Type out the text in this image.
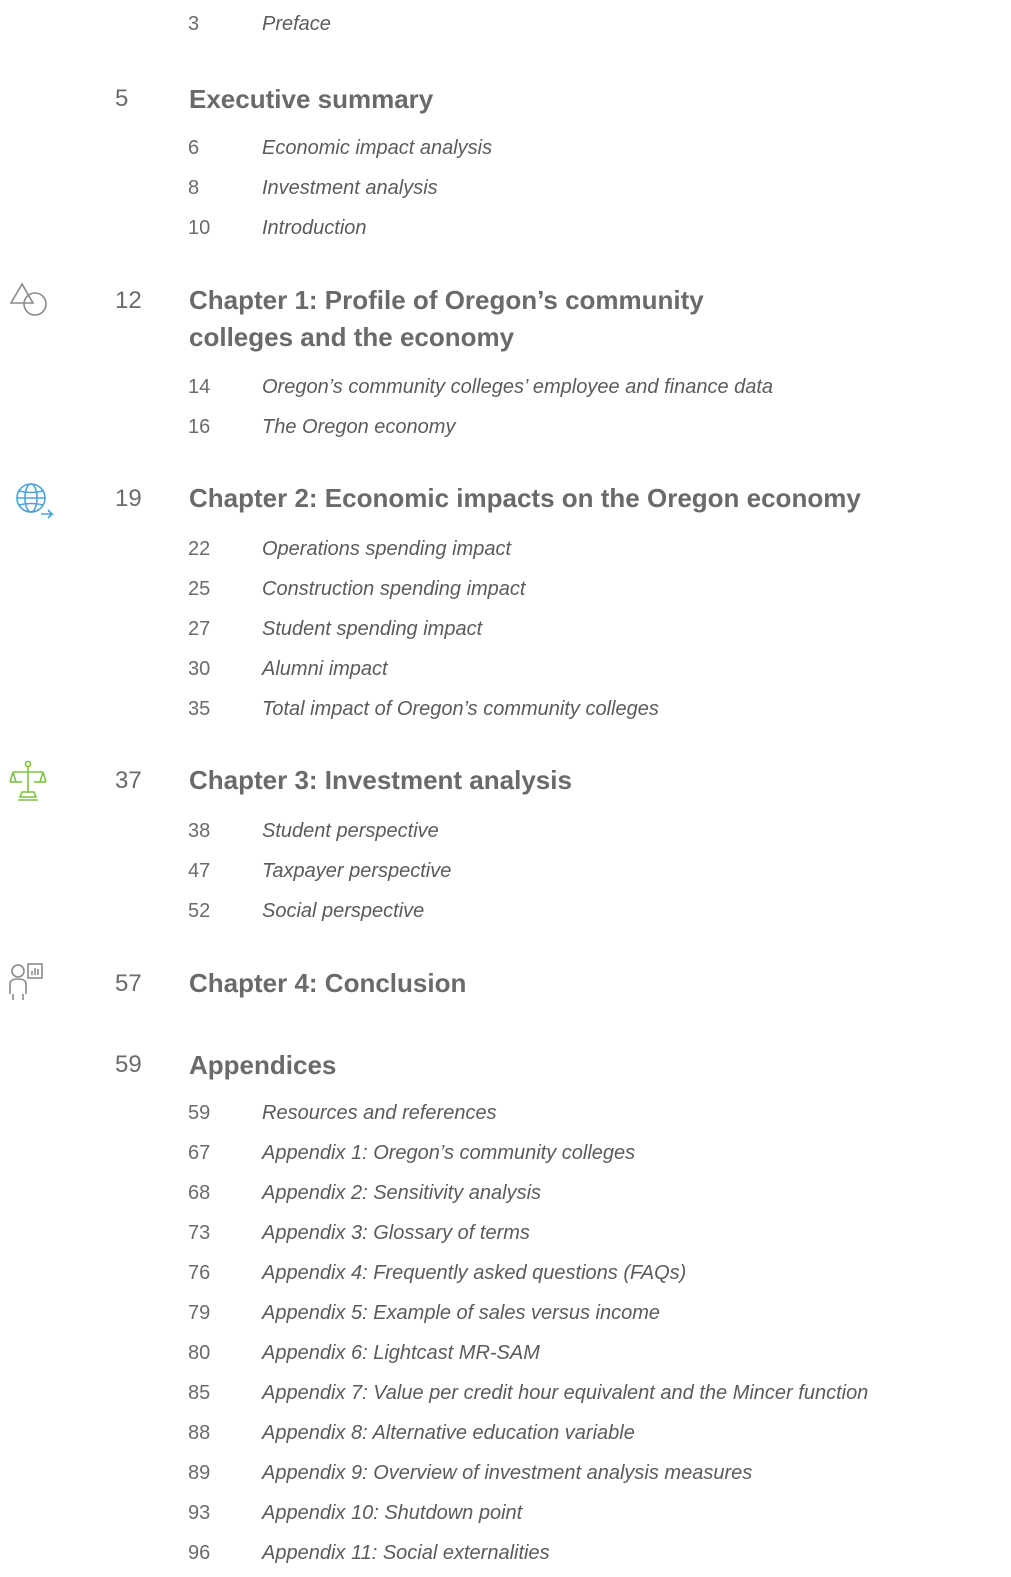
3	Preface
5 Executive summary
6	Economic impact analysis
8	Investment analysis
10	Introduction
12 Chapter 1: Profile of Oregon’s community
colleges and the economy
14	Oregon’s community colleges’ employee and finance data
16	The Oregon economy
19 Chapter 2: Economic impacts on the Oregon economy
22	Operations spending impact
25	Construction spending impact
27	Student spending impact
30	Alumni impact
35	Total impact of Oregon’s community colleges
37 Chapter 3: Investment analysis
38	Student perspective
47	Taxpayer perspective
52	Social perspective
57 Chapter 4: Conclusion
59 Appendices
59	Resources and references
67	Appendix 1: Oregon’s community colleges
68	Appendix 2: Sensitivity analysis
73	Appendix 3: Glossary of terms
76	Appendix 4: Frequently asked questions (FAQs)
79	Appendix 5: Example of sales versus income
80	Appendix 6: Lightcast MR-SAM
85	Appendix 7: Value per credit hour equivalent and the Mincer function
88	Appendix 8: Alternative education variable
89	Appendix 9: Overview of investment analysis measures
93	Appendix 10: Shutdown point
96	Appendix 11: Social externalities
